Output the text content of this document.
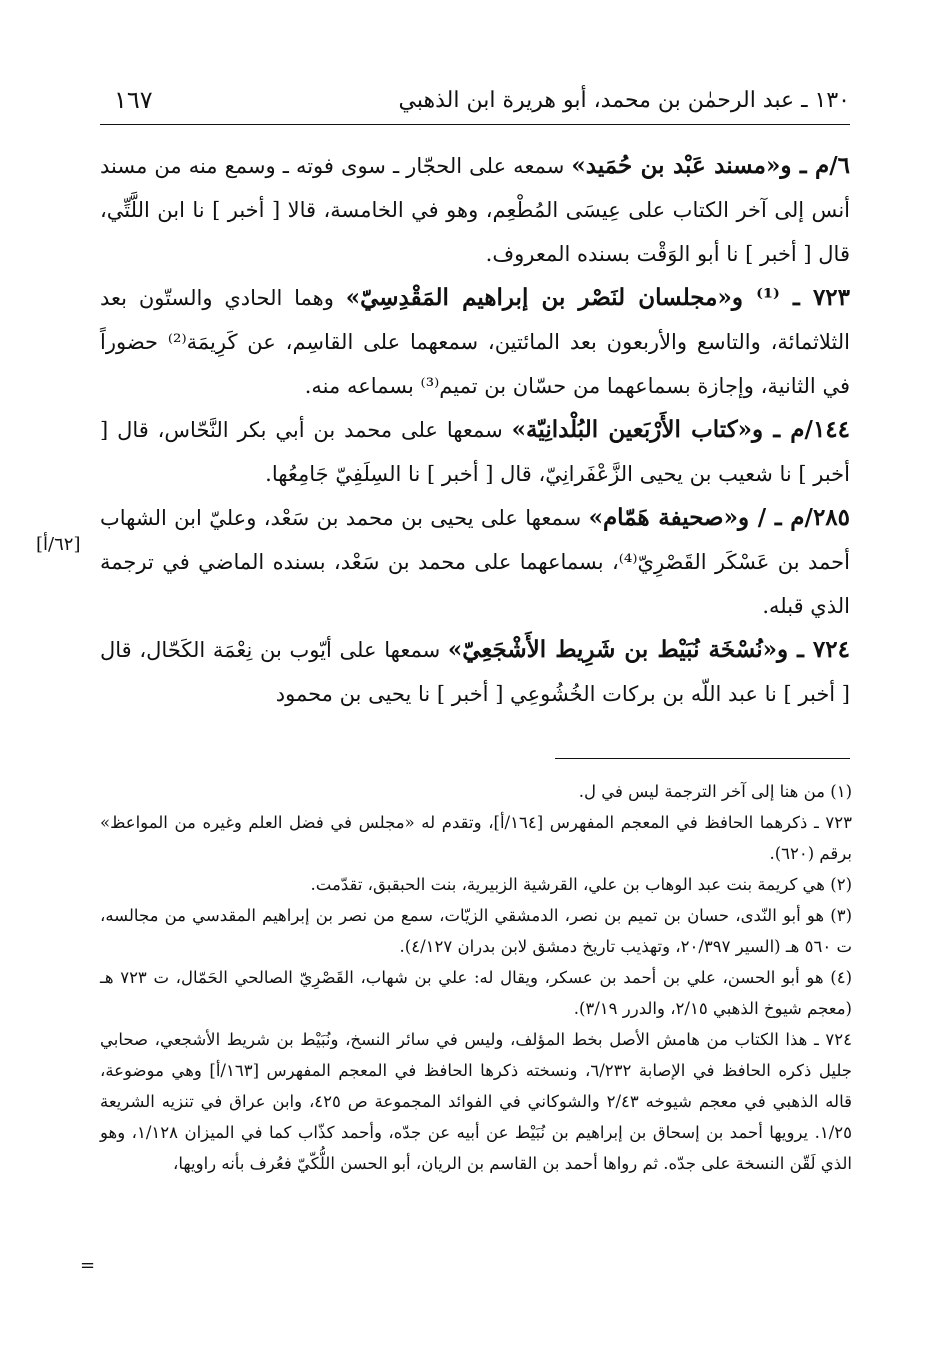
١٣٠ ـ عبد الرحمٰن بن محمد، أبو هريرة ابن الذهبي
١٦٧

٦/م ـ و«مسند عَبْد بن حُمَيد» سمعه على الحجّار ـ سوى فوته ـ وسمع منه من مسند أنس إلى آخر الكتاب على عِيسَى المُطْعِم، وهو في الخامسة، قالا [ أخبر ] نا ابن اللَّتِّي، قال [ أخبر ] نا أبو الوَقْت بسنده المعروف.

٧٢٣ ـ ⁽¹⁾ و«مجلسان لنَصْر بن إبراهيم المَقْدِسِيّ» وهما الحادي والستّون بعد الثلاثمائة، والتاسع والأربعون بعد المائتين، سمعهما على القاسِم، عن كَرِيمَة⁽²⁾ حضوراً في الثانية، وإجازة بسماعهما من حسّان بن تميم⁽³⁾ بسماعه منه.

١٤٤/م ـ و«كتاب الأَرْبَعين البُلْدانِيّة» سمعها على محمد بن أبي بكر النَّحّاس، قال [ أخبر ] نا شعيب بن يحيى الزَّعْفَرانِيّ، قال [ أخبر ] نا السِلَفِيّ جَامِعُها.

٢٨٥/م ـ / و«صحيفة هَمّام» سمعها على يحيى بن محمد بن سَعْد، وعليّ ابن الشهاب أحمد بن عَسْكَر القَصْرِيّ⁽⁴⁾، بسماعهما على محمد بن سَعْد، بسنده الماضي في ترجمة الذي قبله.

٧٢٤ ـ و«نُسْخَة نُبَيْط بن شَرِيط الأَشْجَعِيّ» سمعها على أيّوب بن نِعْمَة الكَحّال، قال [ أخبر ] نا عبد اللّه بن بركات الخُشُوعِي [ أخبر ] نا يحيى بن محمود

[٦٢/أ]

(١) من هنا إلى آخر الترجمة ليس في ل.

٧٢٣ ـ ذكرهما الحافظ في المعجم المفهرس [١٦٤/أ]، وتقدم له «مجلس في فضل العلم وغيره من المواعظ» برقم (٦٢٠).

(٢) هي كريمة بنت عبد الوهاب بن علي، القرشية الزبيرية، بنت الحبقبق، تقدّمت.

(٣) هو أبو النّدى، حسان بن تميم بن نصر، الدمشقي الزيّات، سمع من نصر بن إبراهيم المقدسي من مجالسه، ت ٥٦٠ هـ (السير ٢٠/٣٩٧، وتهذيب تاريخ دمشق لابن بدران ٤/١٢٧).

(٤) هو أبو الحسن، علي بن أحمد بن عسكر، ويقال له: علي بن شهاب، القَصْرِيّ الصالحي الحَمّال، ت ٧٢٣ هـ (معجم شيوخ الذهبي ٢/١٥، والدرر ٣/١٩).

٧٢٤ ـ هذا الكتاب من هامش الأصل بخط المؤلف، وليس في سائر النسخ، ونُبَيْط بن شريط الأشجعي، صحابي جليل ذكره الحافظ في الإصابة ٦/٢٣٢، ونسخته ذكرها الحافظ في المعجم المفهرس [١٦٣/أ] وهي موضوعة، قاله الذهبي في معجم شيوخه ٢/٤٣ والشوكاني في الفوائد المجموعة ص ٤٢٥، وابن عراق في تنزيه الشريعة ١/٢٥. يرويها أحمد بن إسحاق بن إبراهيم بن نُبَيْط عن أبيه عن جدّه، وأحمد كذّاب كما في الميزان ١/١٢٨، وهو الذي لَقّن النسخة على جدّه. ثم رواها أحمد بن القاسم بن الريان، أبو الحسن اللُّكّيّ فعُرف بأنه راويها،

=
